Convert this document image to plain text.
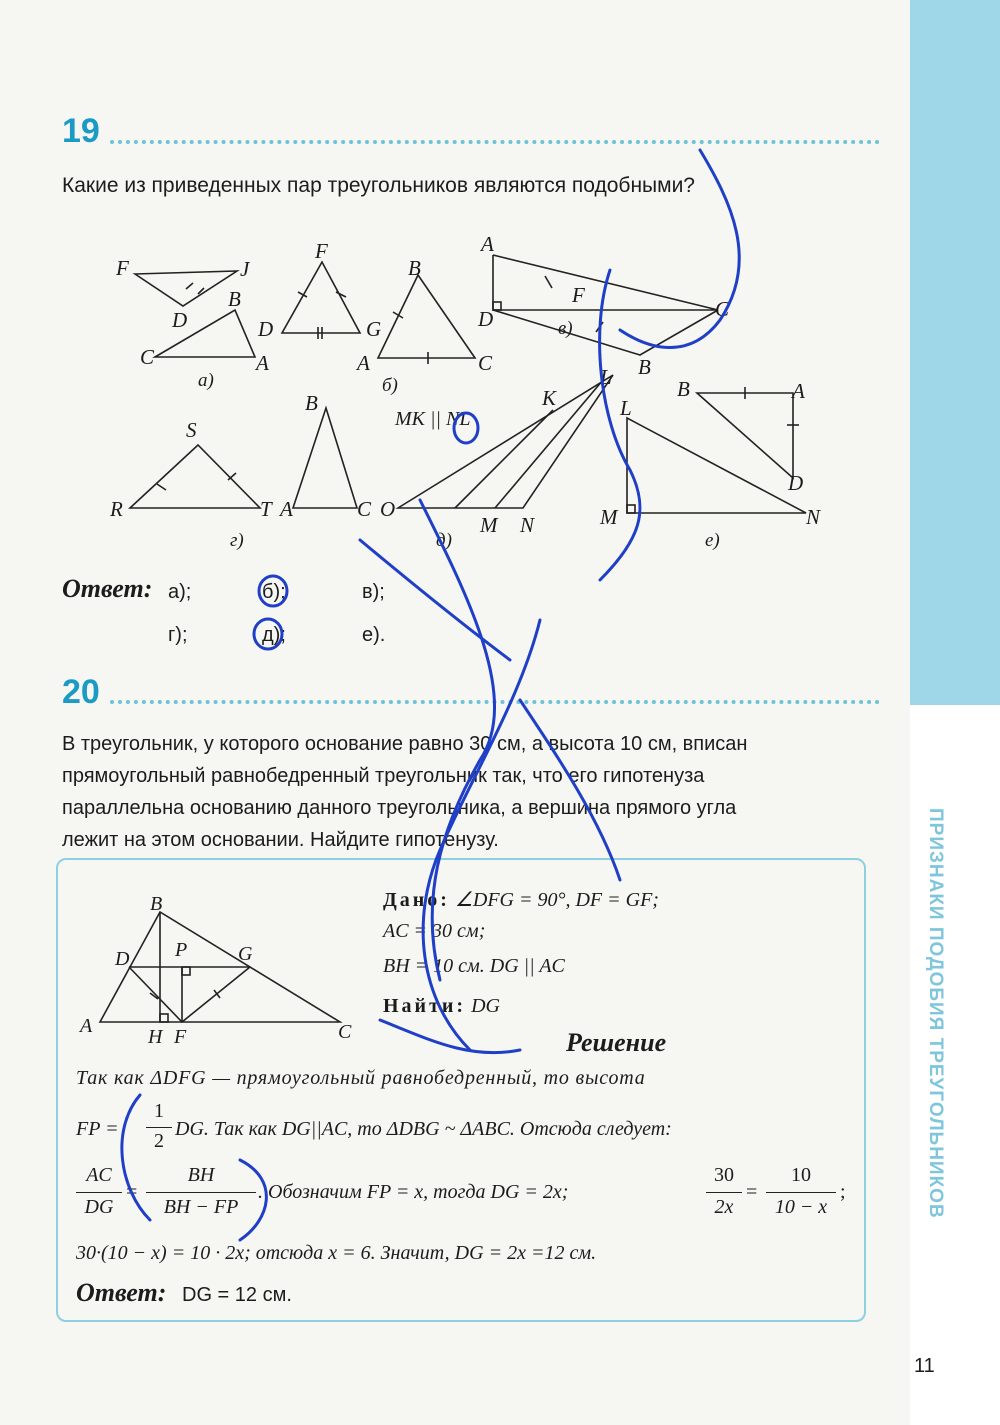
ПРИЗНАКИ ПОДОБИЯ ТРЕУГОЛЬНИКОВ
19
Какие из приведенных пар треугольников являются подобными?
F	J
D
B
C	A
F
D	G
B
A	C
A
D
F
C
B
S
R	T
B
A	C O
K
L
M N
MK || NL	L
B	A
D
M	N
а)	б)
в)
г)	д)	е)
Ответ: а);	б);	в);
г);	д);	е).
20
В треугольник, у которого основание равно 30 см, а высота 10 см, вписан
прямоугольный равнобедренный треугольник так, что его гипотенуза
параллельна основанию данного треугольника, а вершина прямого угла
лежит на этом основании. Найдите гипотенузу.
B
D P	G
A	C
H F
Дано: ∠DFG = 90°, DF = GF;
AC = 30 см;
BH = 10 см. DG || AC
Найти: DG
Решение
Так как ΔDFG — прямоугольный равнобедренный, то высота
FP =
1
2
DG. Так как DG||AC, то ΔDBG ~ ΔABC. Отсюда следует:
AC
DG
=
BH
BH − FP
. Обозначим FP = x, тогда DG = 2x;
30
2x
=
10
10 − x
;
30·(10 − x) = 10 · 2x; отсюда x = 6. Значит, DG = 2x =12 см.
Ответ: DG = 12 см.
11
